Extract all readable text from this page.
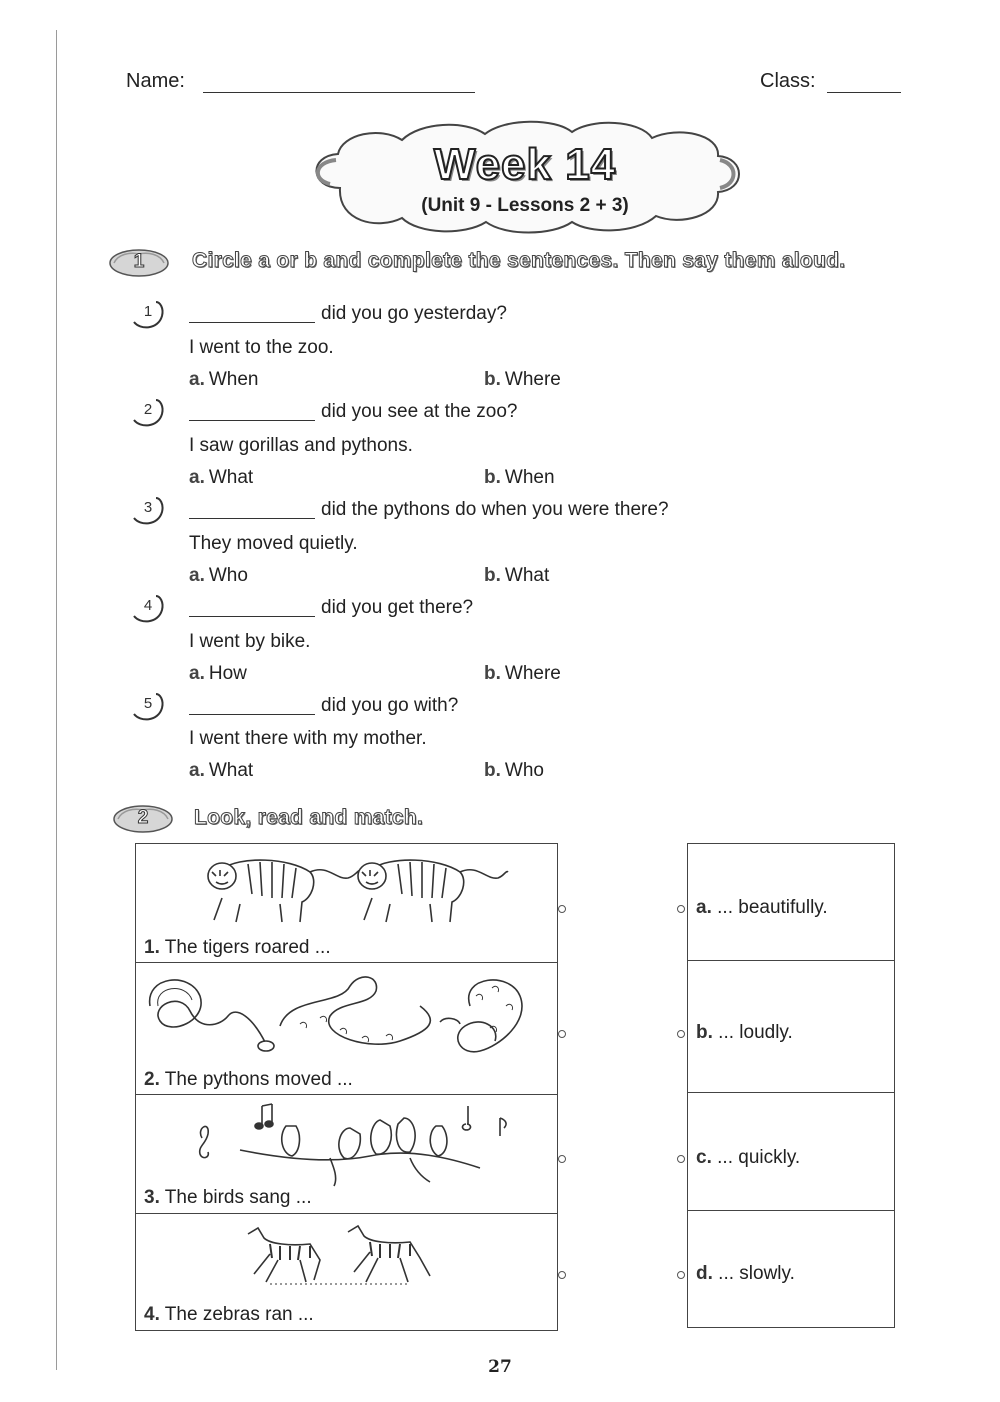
Name:	Class:
Week 14
(Unit 9 - Lessons 2 + 3)
1	Circle a or b and complete the sentences. Then say them aloud.
1	did you go yesterday?
I went to the zoo.
a. When	b. Where
2	did you see at the zoo?
I saw gorillas and pythons.
a. What	b. When
3	did the pythons do when you were there?
They moved quietly.
a. Who	b. What
4	did you get there?
I went by bike.
a. How	b. Where
5	did you go with?
I went there with my mother.
a. What	b. Who
2	Look, read and match.
1. The tigers roared ...
2. The pythons moved ...
3. The birds sang ...
4. The zebras ran ...
a. ... beautifully.
b. ... loudly.
c. ... quickly.
d. ... slowly.
27
